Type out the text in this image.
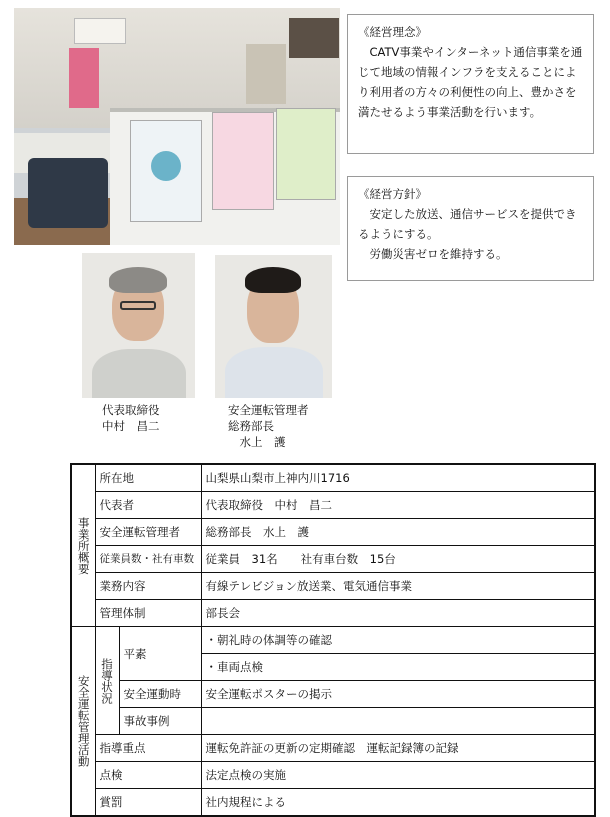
《経営理念》

CATV事業やインターネット通信事業を通じて地域の情報インフラを支えることにより利用者の方々の利便性の向上、豊かさを満たせるよう事業活動を行います。

《経営方針》

安定した放送、通信サービスを提供できるようにする。

労働災害ゼロを維持する。

代表取締役
中村　昌二
安全運転管理者
総務部長
　水上　護
事業所概要	所在地		山梨県山梨市上神内川1716
	代表者		代表取締役　中村　昌二
	安全運転管理者		総務部長　水上　護
	従業員数・社有車数		従業員　31名　　社有車台数　15台
	業務内容		有線テレビジョン放送業、電気通信事業
	管理体制		部長会
安全運転管理活動	指導状況	平素	・朝礼時の体調等の確認
			・車両点検
		安全運動時	安全運転ポスターの掲示
		事故事例	
	指導重点		運転免許証の更新の定期確認　運転記録簿の記録
	点検		法定点検の実施
	賞罰		社内規程による
